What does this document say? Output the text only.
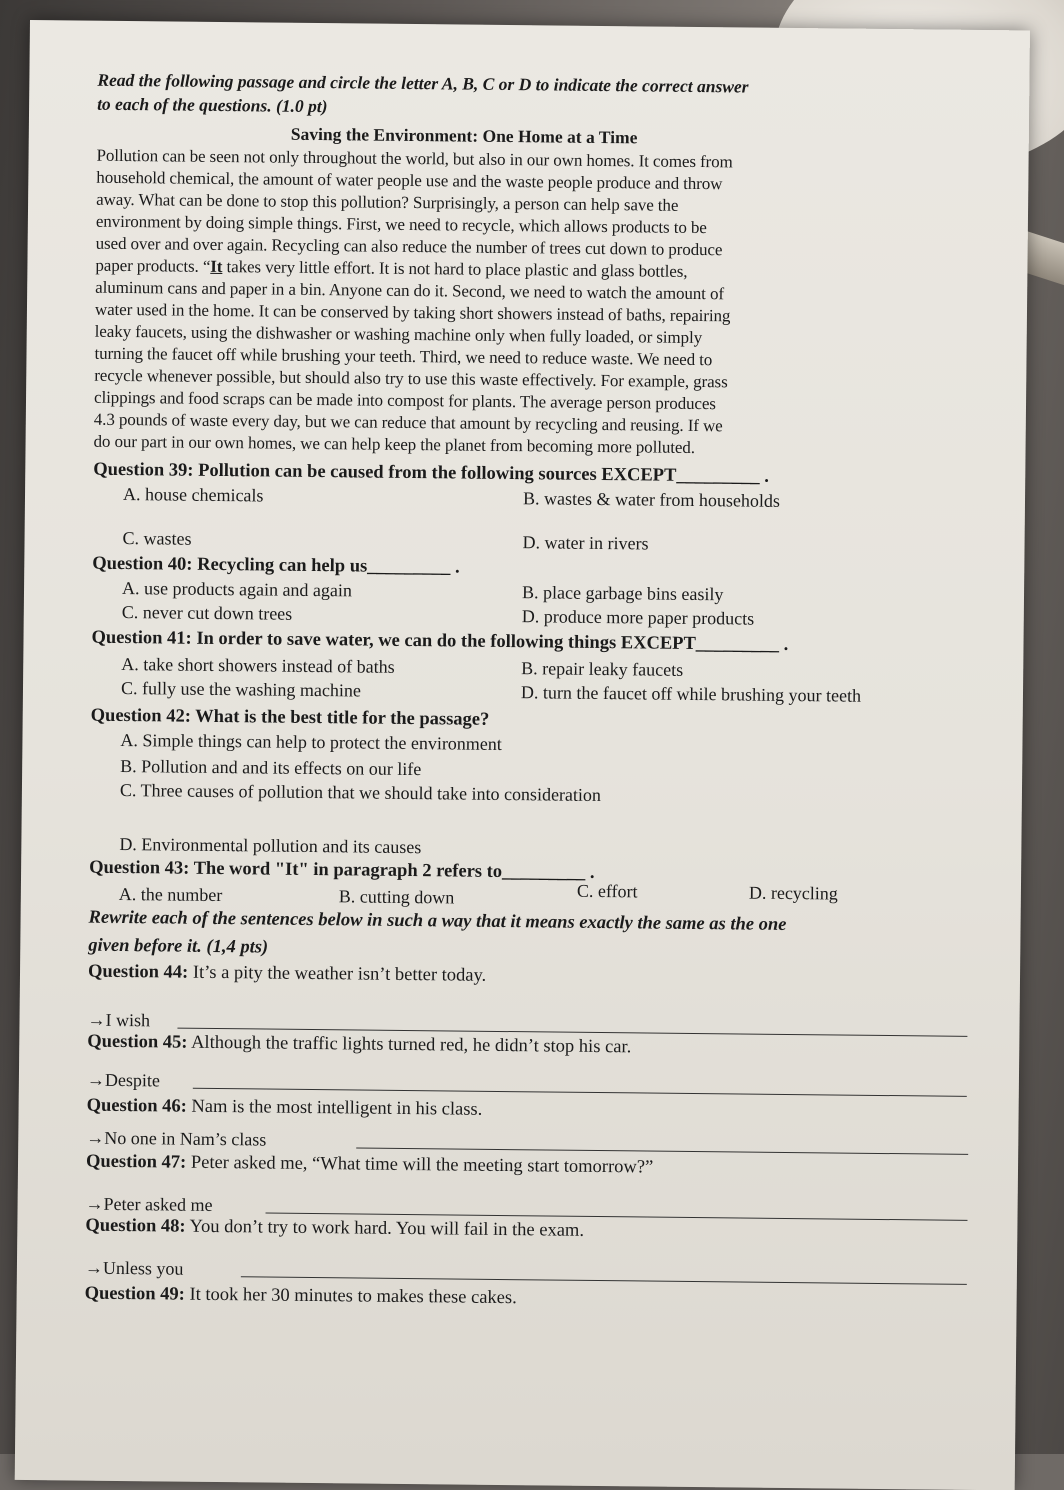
Read the following passage and circle the letter A, B, C or D to indicate the correct answer
to each of the questions. (1.0 pt)
Saving the Environment: One Home at a Time
Pollution can be seen not only throughout the world, but also in our own homes. It comes from
household chemical, the amount of water people use and the waste people produce and throw
away. What can be done to stop this pollution? Surprisingly, a person can help save the
environment by doing simple things. First, we need to recycle, which allows products to be
used over and over again. Recycling can also reduce the number of trees cut down to produce
paper products. “It takes very little effort. It is not hard to place plastic and glass bottles,
aluminum cans and paper in a bin. Anyone can do it. Second, we need to watch the amount of
water used in the home. It can be conserved by taking short showers instead of baths, repairing
leaky faucets, using the dishwasher or washing machine only when fully loaded, or simply
turning the faucet off while brushing your teeth. Third, we need to reduce waste. We need to
recycle whenever possible, but should also try to use this waste effectively. For example, grass
clippings and food scraps can be made into compost for plants. The average person produces
4.3 pounds of waste every day, but we can reduce that amount by recycling and reusing. If we
do our part in our own homes, we can help keep the planet from becoming more polluted.
Question 39: Pollution can be caused from the following sources EXCEPT_________ .
A. house chemicals	B. wastes & water from households
C. wastes	D. water in rivers
Question 40: Recycling can help us_________ .
A. use products again and again	B. place garbage bins easily
C. never cut down trees	D. produce more paper products
Question 41: In order to save water, we can do the following things EXCEPT_________ .
A. take short showers instead of baths	B. repair leaky faucets
C. fully use the washing machine	D. turn the faucet off while brushing your teeth
Question 42: What is the best title for the passage?
A. Simple things can help to protect the environment
B. Pollution and and its effects on our life
C. Three causes of pollution that we should take into consideration
D. Environmental pollution and its causes
Question 43: The word "It" in paragraph 2 refers to_________ .
A. the number	B. cutting down	C. effort	D. recycling
Rewrite each of the sentences below in such a way that it means exactly the same as the one
given before it. (1,4 pts)
Question 44: It’s a pity the weather isn’t better today.
→I wish
Question 45: Although the traffic lights turned red, he didn’t stop his car.
→Despite
Question 46: Nam is the most intelligent in his class.
→No one in Nam’s class
Question 47: Peter asked me, “What time will the meeting start tomorrow?”
→Peter asked me
Question 48: You don’t try to work hard. You will fail in the exam.
→Unless you
Question 49: It took her 30 minutes to makes these cakes.
